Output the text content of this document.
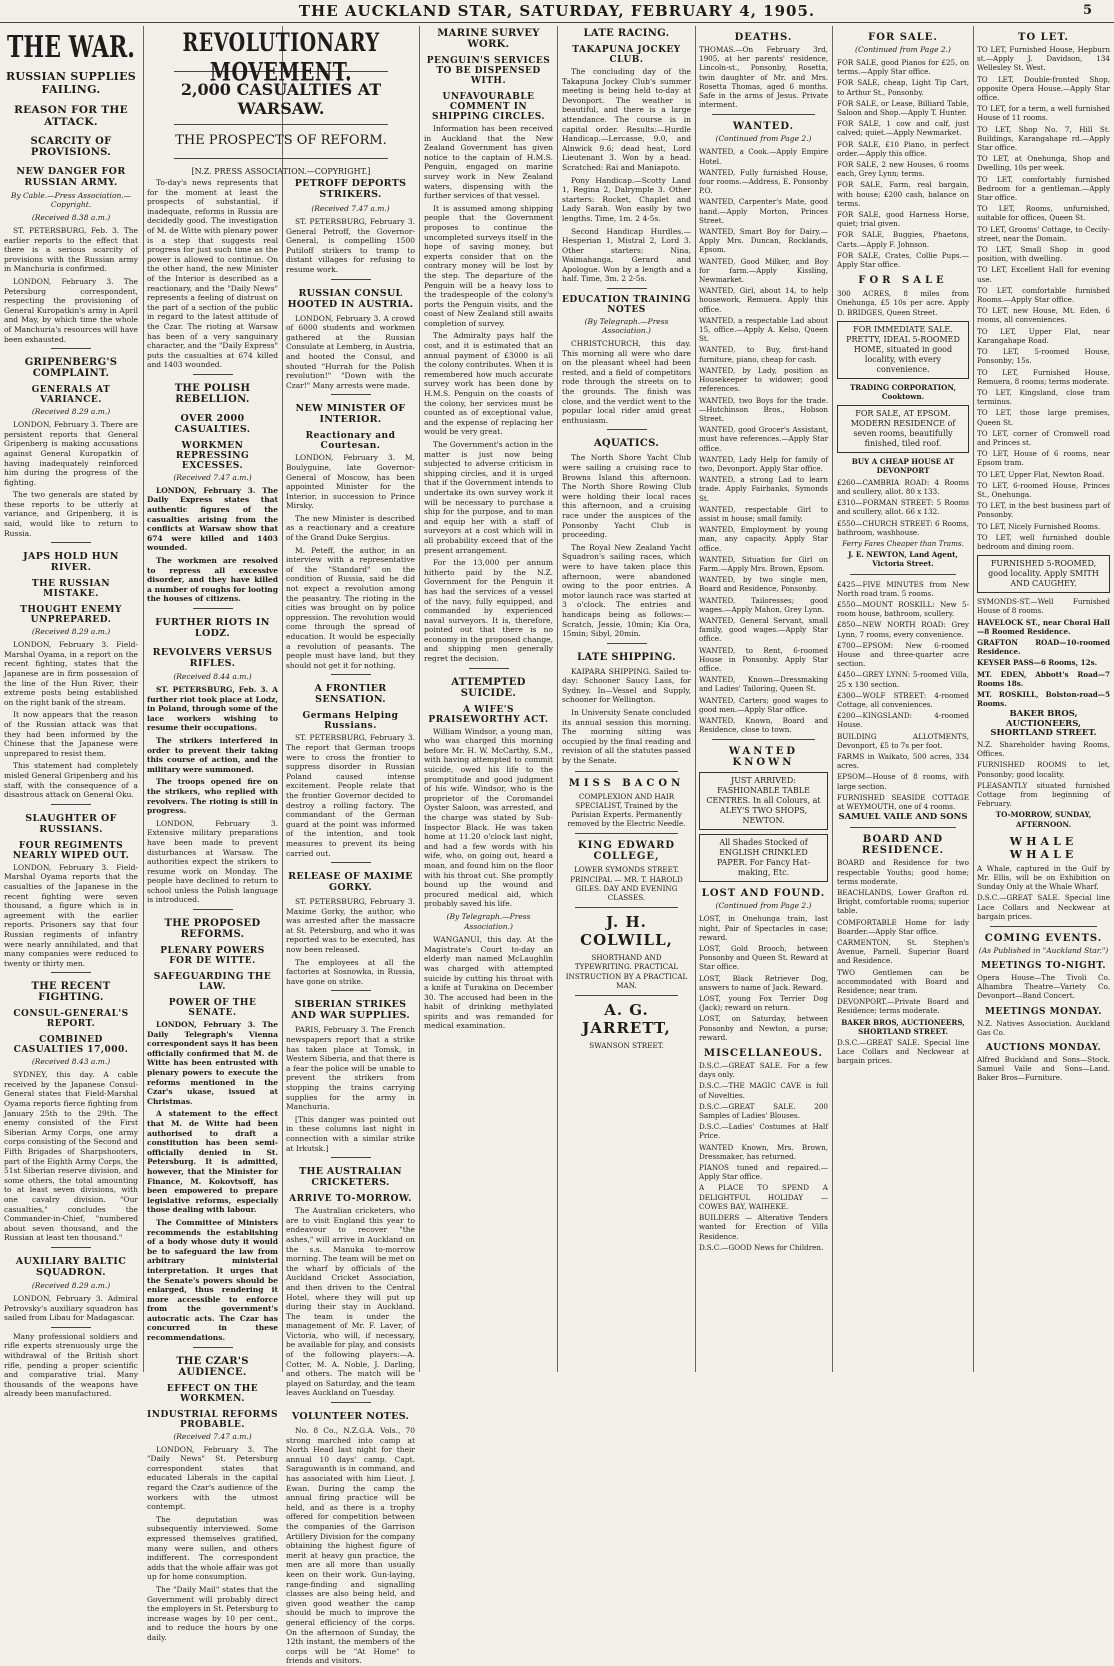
THE AUCKLAND STAR, SATURDAY, FEBRUARY 4, 1905.	5
THE WAR.
RUSSIAN SUPPLIES FAILING.
REASON FOR THE ATTACK.
SCARCITY OF PROVISIONS.
NEW DANGER FOR RUSSIAN ARMY.
By Cable.—Press Association.—Copyright.
(Received 8.38 a.m.)

ST. PETERSBURG, Feb. 3. The earlier reports to the effect that there is a serious scarcity of provisions with the Russian army in Manchuria is confirmed.

LONDON, February 3. The Petersburg correspondent, respecting the provisioning of General Kuropatkin's army in April and May, by which time the whole of Manchuria's resources will have been exhausted.

GRIPENBERG'S COMPLAINT.
GENERALS AT VARIANCE.
(Received 8.29 a.m.)

LONDON, February 3. There are persistent reports that General Gripenberg is making accusations against General Kuropatkin of having inadequately reinforced him during the progress of the fighting.

The two generals are stated by these reports to be utterly at variance, and Gripenberg, it is said, would like to return to Russia.

JAPS HOLD HUN RIVER.
THE RUSSIAN MISTAKE.
THOUGHT ENEMY UNPREPARED.
(Received 8.29 a.m.)

LONDON, February 3. Field-Marshal Oyama, in a report on the recent fighting, states that the Japanese are in firm possession of the line of the Hun River, their extreme posts being established on the right bank of the stream.

It now appears that the reason of the Russian attack was that they had been informed by the Chinese that the Japanese were unprepared to resist them.

This statement had completely misled General Gripenberg and his staff, with the consequence of a disastrous attack on General Oku.

SLAUGHTER OF RUSSIANS.
FOUR REGIMENTS NEARLY WIPED OUT.

LONDON, February 3. Field-Marshal Oyama reports that the casualties of the Japanese in the recent fighting were seven thousand, a figure which is in agreement with the earlier reports. Prisoners say that four Russian regiments of infantry were nearly annihilated, and that many companies were reduced to twenty or thirty men.

THE RECENT FIGHTING.
CONSUL-GENERAL'S REPORT.
COMBINED CASUALTIES 17,000.
(Received 8.43 a.m.)

SYDNEY, this day. A cable received by the Japanese Consul-General states that Field-Marshal Oyama reports fierce fighting from January 25th to the 29th. The enemy consisted of the First Siberian Army Corps, one army corps consisting of the Second and Fifth Brigades of Sharpshooters, part of the Eighth Army Corps, the 51st Siberian reserve division, and some others, the total amounting to at least seven divisions, with one cavalry division. "Our casualties," concludes the Commander-in-Chief, "numbered about seven thousand, and the Russian at least ten thousand."

AUXILIARY BALTIC SQUADRON.
(Received 8.29 a.m.)

LONDON, February 3. Admiral Petrovsky's auxiliary squadron has sailed from Libau for Madagascar.

Many professional soldiers and rifle experts strenuously urge the withdrawal of the British short rifle, pending a proper scientific and comparative trial. Many thousands of the weapons have already been manufactured.

REVOLUTIONARY MOVEMENT.
2,000 CASUALTIES AT WARSAW.
THE PROSPECTS OF REFORM.
[N.Z. PRESS ASSOCIATION.—COPYRIGHT.]

To-day's news represents that for the moment at least the prospects of substantial, if inadequate, reforms in Russia are decidedly good. The investigation of M. de Witte with plenary power is a step that suggests real progress for just such time as the power is allowed to continue. On the other hand, the new Minister of the Interior is described as a reactionary, and the "Daily News" represents a feeling of distrust on the part of a section of the public in regard to the latest attitude of the Czar. The rioting at Warsaw has been of a very sanguinary character, and the "Daily Express" puts the casualties at 674 killed and 1403 wounded.

THE POLISH REBELLION.
OVER 2000 CASUALTIES.
WORKMEN REPRESSING EXCESSES.
(Received 7.47 a.m.)

LONDON, February 3. The Daily Express states that authentic figures of the casualties arising from the conflicts at Warsaw show that 674 were killed and 1403 wounded.

The workmen are resolved to repress all excessive disorder, and they have killed a number of roughs for looting the houses of citizens.

FURTHER RIOTS IN LODZ.
REVOLVERS VERSUS RIFLES.
(Received 8.44 a.m.)

ST. PETERSBURG, Feb. 3. A further riot took place at Lodz, in Poland, through some of the lace workers wishing to resume their occupations.

The strikers interfered in order to prevent their taking this course of action, and the military were summoned.

The troops opened fire on the strikers, who replied with revolvers. The rioting is still in progress.

LONDON, February 3. Extensive military preparations have been made to prevent disturbances at Warsaw. The authorities expect the strikers to resume work on Monday. The people have declined to return to school unless the Polish language is introduced.

THE PROPOSED REFORMS.
PLENARY POWERS FOR DE WITTE.
SAFEGUARDING THE LAW.
POWER OF THE SENATE.

LONDON, February 3. The Daily Telegraph's Vienna correspondent says it has been officially confirmed that M. de Witte has been entrusted with plenary powers to execute the reforms mentioned in the Czar's ukase, issued at Christmas.

A statement to the effect that M. de Witte had been authorised to draft a constitution has been semi-officially denied in St. Petersburg. It is admitted, however, that the Minister for Finance, M. Kokovtsoff, has been empowered to prepare legislative reforms, especially those dealing with labour.

The Committee of Ministers recommends the establishing of a body whose duty it would be to safeguard the law from arbitrary ministerial interpretation. It urges that the Senate's powers should be enlarged, thus rendering it more accessible to enforce from the government's autocratic acts. The Czar has concurred in these recommendations.

THE CZAR'S AUDIENCE.
EFFECT ON THE WORKMEN.
INDUSTRIAL REFORMS PROBABLE.
(Received 7.47 a.m.)

LONDON, February 3. The "Daily News" St. Petersburg correspondent states that educated Liberals in the capital regard the Czar's audience of the workers with the utmost contempt.

The deputation was subsequently interviewed. Some expressed themselves gratified, many were sullen, and others indifferent. The correspondent adds that the whole affair was got up for home consumption.

The "Daily Mail" states that the Government will probably direct the employers in St. Petersburg to increase wages by 10 per cent., and to reduce the hours by one daily.

PETROFF DEPORTS STRIKERS.
(Received 7.47 a.m.)

ST. PETERSBURG, February 3. General Petroff, the Governor-General, is compelling 1500 Putiloff strikers to tramp to distant villages for refusing to resume work.

RUSSIAN CONSUL HOOTED IN AUSTRIA.

LONDON, February 3. A crowd of 6000 students and workmen gathered at the Russian Consulate at Lemberg, in Austria, and hooted the Consul, and shouted "Hurrah for the Polish revolution!" "Down with the Czar!" Many arrests were made.

NEW MINISTER OF INTERIOR.
Reactionary and Courtesan.

LONDON, February 3. M. Boulyguine, late Governor-General of Moscow, has been appointed Minister for the Interior, in succession to Prince Mirsky.

The new Minister is described as a reactionary and a creature of the Grand Duke Sergius.

M. Peteff, the author, in an interview with a representative of the "Standard" on the condition of Russia, said he did not expect a revolution among the peasantry. The rioting in the cities was brought on by police oppression. The revolution would come through the spread of education. It would be especially a revolution of peasants. The people must have land, but they should not get it for nothing.

A FRONTIER SENSATION.
Germans Helping Russians.

ST. PETERSBURG, February 3. The report that German troops were to cross the frontier to suppress disorder in Russian Poland caused intense excitement. People relate that the frontier Governor decided to destroy a rolling factory. The commandant of the German guard at the point was informed of the intention, and took measures to prevent its being carried out.

RELEASE OF MAXIME GORKY.

ST. PETERSBURG, February 3. Maxime Gorky, the author, who was arrested after the massacre at St. Petersburg, and who it was reported was to be executed, has now been released.

The employees at all the factories at Sosnowka, in Russia, have gone on strike.

SIBERIAN STRIKES AND WAR SUPPLIES.

PARIS, February 3. The French newspapers report that a strike has taken place at Tomsk, in Western Siberia, and that there is a fear the police will be unable to prevent the strikers from stopping the trains carrying supplies for the army in Manchuria.

[This danger was pointed out in these columns last night in connection with a similar strike at Irkutsk.]

THE AUSTRALIAN CRICKETERS.
ARRIVE TO-MORROW.

The Australian cricketers, who are to visit England this year to endeavour to recover "the ashes," will arrive in Auckland on the s.s. Manuka to-morrow morning. The team will be met on the wharf by officials of the Auckland Cricket Association, and then driven to the Central Hotel, where they will put up during their stay in Auckland. The team is under the management of Mr. F. Laver, of Victoria, who will, if necessary, be available for play, and consists of the following players:—A. Cotter, M. A. Noble, J. Darling, and others. The match will be played on Saturday, and the team leaves Auckland on Tuesday.

VOLUNTEER NOTES.

No. 8 Co., N.Z.G.A. Vols., 70 strong marched into camp at North Head last night for their annual 10 days' camp. Capt. Saraguwanth is in command, and has associated with him Lieut. J. Ewan. During the camp the annual firing practice will be held, and as there is a trophy offered for competition between the companies of the Garrison Artillery Division for the company obtaining the highest figure of merit at heavy gun practice, the men are all more than usually keen on their work. Gun-laying, range-finding and signalling classes are also being held, and given good weather the camp should be much to improve the general efficiency of the corps. On the afternoon of Sunday, the 12th instant, the members of the corps will be "At Home" to friends and visitors.

MARINE SURVEY WORK.
PENGUIN'S SERVICES TO BE DISPENSED WITH.
UNFAVOURABLE COMMENT IN SHIPPING CIRCLES.

Information has been received in Auckland that the New Zealand Government has given notice to the captain of H.M.S. Penguin, engaged on marine survey work in New Zealand waters, dispensing with the further services of that vessel.

It is assumed among shipping people that the Government proposes to continue the uncompleted surveys itself in the hope of saving money, but experts consider that on the contrary money will be lost by the step. The departure of the Penguin will be a heavy loss to the tradespeople of the colony's ports the Penguin visits, and the coast of New Zealand still awaits completion of survey.

The Admiralty pays half the cost, and it is estimated that an annual payment of £3000 is all the colony contributes. When it is remembered how much accurate survey work has been done by H.M.S. Penguin on the coasts of the colony, her services must be counted as of exceptional value, and the expense of replacing her would be very great.

The Government's action in the matter is just now being subjected to adverse criticism in shipping circles, and it is urged that if the Government intends to undertake its own survey work it will be necessary to purchase a ship for the purpose, and to man and equip her with a staff of surveyors at a cost which will in all probability exceed that of the present arrangement.

For the 13,000 per annum hitherto paid by the N.Z. Government for the Penguin it has had the services of a vessel of the navy, fully equipped, and commanded by experienced naval surveyors. It is, therefore, pointed out that there is no economy in the proposed change, and shipping men generally regret the decision.

ATTEMPTED SUICIDE.
A WIFE'S PRAISEWORTHY ACT.

William Windsor, a young man, who was charged this morning before Mr. H. W. McCarthy, S.M., with having attempted to commit suicide, owed his life to the promptitude and good judgment of his wife. Windsor, who is the proprietor of the Coromandel Oyster Saloon, was arrested, and the charge was stated by Sub-Inspector Black. He was taken home at 11.20 o'clock last night, and had a few words with his wife, who, on going out, heard a moan, and found him on the floor with his throat cut. She promptly bound up the wound and procured medical aid, which probably saved his life.

(By Telegraph.—Press Association.)

WANGANUI, this day. At the Magistrate's Court to-day an elderly man named McLaughlin was charged with attempted suicide by cutting his throat with a knife at Turakina on December 30. The accused had been in the habit of drinking methylated spirits and was remanded for medical examination.

LATE RACING.
TAKAPUNA JOCKEY CLUB.

The concluding day of the Takapuna Jockey Club's summer meeting is being held to-day at Devonport. The weather is beautiful, and there is a large attendance. The course is in capital order. Results:—Hurdle Handicap.—Lercasse, 9.0, and Alnwick 9.6; dead heat, Lord Lieutenant 3. Won by a head. Scratched: Rai and Maniapoto.

Pony Handicap.—Scotty Land 1, Regina 2, Dalrymple 3. Other starters: Rocket, Chaplet and Lady Sarah. Won easily by two lengths. Time, 1m. 2 4-5s.

Second Handicap Hurdles.—Hesperian 1, Mistral 2, Lord 3. Other starters: Nina, Waimahanga, Gerard and Apologue. Won by a length and a half. Time, 3m. 2 2-5s.

EDUCATION TRAINING NOTES
(By Telegraph.—Press Association.)

CHRISTCHURCH, this day. This morning all were who dare on the pleasant wheel had been rested, and a field of competitors rode through the streets on to the grounds. The finish was close, and the verdict went to the popular local rider amid great enthusiasm.

AQUATICS.

The North Shore Yacht Club were sailing a cruising race to Browns Island this afternoon. The North Shore Rowing Club were holding their local races this afternoon, and a cruising race under the auspices of the Ponsonby Yacht Club is proceeding.

The Royal New Zealand Yacht Squadron's sailing races, which were to have taken place this afternoon, were abandoned owing to the poor entries. A motor launch race was started at 3 o'clock. The entries and handicaps being as follows:—Scratch, Jessie, 10min; Kia Ora, 15min; Sibyl, 20min.

LATE SHIPPING.

KAIPARA SHIPPING. Sailed to-day: Schooner Saucy Lass, for Sydney. In—Vessel and Supply, schooner for Wellington.

In University Senate concluded its annual session this morning. The morning sitting was occupied by the final reading and revision of all the statutes passed by the Senate.

MISS BACON
COMPLEXION AND HAIR SPECIALIST, Trained by the Parisian Experts. Permanently removed by the Electric Needle.
KING EDWARD COLLEGE,
LOWER SYMONDS STREET. PRINCIPAL — MR. T. HAROLD GILES. DAY AND EVENING CLASSES.
J. H. COLWILL,
SHORTHAND AND TYPEWRITING. PRACTICAL INSTRUCTION BY A PRACTICAL MAN.
A. G. JARRETT,
SWANSON STREET.
DEATHS.
THOMAS.—On February 3rd, 1905, at her parents' residence, Lincoln-st., Ponsonby, Rosetta, twin daughter of Mr. and Mrs. Rosetta Thomas, aged 6 months. Safe in the arms of Jesus. Private interment.
WANTED.
(Continued from Page 2.)
WANTED, a Cook.—Apply Empire Hotel.
WANTED, Fully furnished House, four rooms.—Address, E. Ponsonby P.O.
WANTED, Carpenter's Mate, good hand.—Apply Morton, Princes Street.
WANTED, Smart Boy for Dairy.—Apply Mrs. Duncan, Rocklands, Epsom.
WANTED, Good Milker, and Boy for farm.—Apply Kissling, Newmarket.
WANTED, Girl, about 14, to help housework, Remuera. Apply this office.
WANTED, a respectable Lad about 15, office.—Apply A. Kelso, Queen St.
WANTED, to Buy, first-hand furniture, piano, cheap for cash.
WANTED, by Lady, position as Housekeeper to widower; good references.
WANTED, two Boys for the trade.—Hutchinson Bros., Hobson Street.
WANTED, good Grocer's Assistant, must have references.—Apply Star office.
WANTED, Lady Help for family of two, Devonport. Apply Star office.
WANTED, a strong Lad to learn trade. Apply Fairbanks, Symonds St.
WANTED, respectable Girl to assist in house; small family.
WANTED, Employment by young man, any capacity. Apply Star office.
WANTED, Situation for Girl on Farm.—Apply Mrs. Brown, Epsom.
WANTED, by two single men, Board and Residence, Ponsonby.
WANTED, Tailoresses; good wages.—Apply Mahon, Grey Lynn.
WANTED, General Servant, small family, good wages.—Apply Star office.
WANTED, to Rent, 6-roomed House in Ponsonby. Apply Star office.
WANTED, Known—Dressmaking and Ladies' Tailoring, Queen St.
WANTED, Carters; good wages to good men.—Apply Star office.
WANTED, Known, Board and Residence, close to town.
WANTED KNOWN
JUST ARRIVED: FASHIONABLE TABLE CENTRES. In all Colours, at ALEY'S TWO SHOPS, NEWTON.
All Shades Stocked of ENGLISH CRINKLED PAPER. For Fancy Hat-making, Etc.
LOST AND FOUND.
(Continued from Page 2.)
LOST, in Onehunga train, last night, Pair of Spectacles in case; reward.
LOST, Gold Brooch, between Ponsonby and Queen St. Reward at Star office.
LOST, Black Retriever Dog, answers to name of Jack. Reward.
LOST, young Fox Terrier Dog (Jack); reward on return.
LOST, on Saturday, between Ponsonby and Newton, a purse; reward.
MISCELLANEOUS.
D.S.C.—GREAT SALE. For a few days only.
D.S.C.—THE MAGIC CAVE is full of Novelties.
D.S.C.—GREAT SALE. 200 Samples of Ladies' Blouses.
D.S.C.—Ladies' Costumes at Half Price.
WANTED Known, Mrs. Brown, Dressmaker, has returned.
PIANOS tuned and repaired.—Apply Star office.
A PLACE TO SPEND A DELIGHTFUL HOLIDAY — COWES BAY, WAIHEKE.
BUILDERS — Alterative Tenders wanted for Erection of Villa Residence.
D.S.C.—GOOD News for Children.
FOR SALE.
(Continued from Page 2.)
FOR SALE, good Pianos for £25, on terms.—Apply Star office.
FOR SALE, cheap, Light Tip Cart, to Arthur St., Ponsonby.
FOR SALE, or Lease, Billiard Table, Saloon and Shop.—Apply T. Hunter.
FOR SALE, 1 cow and calf, just calved; quiet.—Apply Newmarket.
FOR SALE, £10 Piano, in perfect order.—Apply this office.
FOR SALE, 2 new Houses, 6 rooms each, Grey Lynn; terms.
FOR SALE, Farm, real bargain, with house; £200 cash, balance on terms.
FOR SALE, good Harness Horse, quiet; trial given.
FOR SALE, Buggies, Phaetons, Carts.—Apply F. Johnson.
FOR SALE, Crates, Collie Pups.—Apply Star office.
FOR SALE
300 ACRES, 8 miles from Onehunga, £5 10s per acre. Apply D. BRIDGES, Queen Street.
FOR IMMEDIATE SALE. PRETTY, IDEAL 5-ROOMED HOME, situated in good locality, with every convenience.
TRADING CORPORATION, Cooktown.
FOR SALE, AT EPSOM. MODERN RESIDENCE of seven rooms, beautifully finished, tiled roof.
BUY A CHEAP HOUSE AT DEVONPORT
£260—CAMBRIA ROAD: 4 Rooms and scullery, allot. 80 x 133.
£310—FORMAN STREET: 5 Rooms and scullery, allot. 66 x 132.
£550—CHURCH STREET: 6 Rooms, bathroom, washhouse.
Ferry Fares Cheaper than Trams.
J. E. NEWTON, Land Agent, Victoria Street.
£425—FIVE MINUTES from New North road tram. 5 rooms.
£550—MOUNT ROSKILL: New 5-room house, bathroom, scullery.
£850—NEW NORTH ROAD: Grey Lynn, 7 rooms, every convenience.
£700—EPSOM: New 6-roomed House and three-quarter acre section.
£450—GREY LYNN: 5-roomed Villa, 25 x 130 section.
£300—WOLF STREET: 4-roomed Cottage, all conveniences.
£200—KINGSLAND: 4-roomed House.
BUILDING ALLOTMENTS, Devonport, £5 to 7s per foot.
FARMS in Waikato, 500 acres, 334 acres.
EPSOM—House of 8 rooms, with large section.
FURNISHED SEASIDE COTTAGE at WEYMOUTH, one of 4 rooms.
SAMUEL VAILE AND SONS
BOARD AND RESIDENCE.
BOARD and Residence for two respectable Youths; good home; terms moderate.
BEACHLANDS, Lower Grafton rd. Bright, comfortable rooms; superior table.
COMFORTABLE Home for lady Boarder.—Apply Star office.
CARMENTON, St. Stephen's Avenue, Parnell. Superior Board and Residence.
TWO Gentlemen can be accommodated with Board and Residence; near tram.
DEVONPORT.—Private Board and Residence; terms moderate.
BAKER BROS, AUCTIONEERS, SHORTLAND STREET.
D.S.C.—GREAT SALE. Special line Lace Collars and Neckwear at bargain prices.
TO LET.
TO LET, Furnished House, Hepburn st.—Apply J. Davidson, 134 Wellesley St. West.
TO LET, Double-fronted Shop, opposite Opera House.—Apply Star office.
TO LET, for a term, a well furnished House of 11 rooms.
TO LET, Shop No. 7, Hill St. Buildings, Karangahape rd.—Apply Star office.
TO LET, at Onehunga, Shop and Dwelling, 10s per week.
TO LET, comfortably furnished Bedroom for a gentleman.—Apply Star office.
TO LET, Rooms, unfurnished, suitable for offices, Queen St.
TO LET, Grooms' Cottage, to Cecily-street, near the Domain.
TO LET, Small Shop in good position, with dwelling.
TO LET, Excellent Hall for evening use.
TO LET, comfortable furnished Rooms.—Apply Star office.
TO LET, new House, Mt. Eden, 6 rooms, all conveniences.
TO LET, Upper Flat, near Karangahape Road.
TO LET, 5-roomed House, Ponsonby; 15s.
TO LET, Furnished House, Remuera, 8 rooms; terms moderate.
TO LET, Kingsland, close tram terminus.
TO LET, those large premises, Queen St.
TO LET, corner of Cromwell road and Princes st.
TO LET, House of 6 rooms, near Epsom tram.
TO LET, Upper Flat, Newton Road.
TO LET, 6-roomed House, Princes St., Onehunga.
TO LET, in the best business part of Ponsonby.
TO LET, Nicely Furnished Rooms.
TO LET, well furnished double bedroom and dining room.
FURNISHED 5-ROOMED, good locality. Apply SMITH AND CAUGHEY.
SYMONDS-ST.—Well Furnished House of 8 rooms.
HAVELOCK ST., near Choral Hall—8 Roomed Residence.
GRAFTON ROAD—10-roomed Residence.
KEYSER PASS—6 Rooms, 12s.
MT. EDEN, Abbott's Road—7 Rooms 18s.
MT. ROSKILL, Bolston-road—5 Rooms.
BAKER BROS, AUCTIONEERS, SHORTLAND STREET.
N.Z. Shareholder having Rooms, Offices.
FURNISHED ROOMS to let, Ponsonby; good locality.
PLEASANTLY situated furnished Cottage from beginning of February.
TO-MORROW, SUNDAY, AFTERNOON.
WHALE WHALE
A Whale, captured in the Gulf by Mr. Ellis, will be on Exhibition on Sunday Only at the Whale Wharf.
D.S.C.—GREAT SALE. Special line Lace Collars and Neckwear at bargain prices.
COMING EVENTS.
(As Published in "Auckland Star.")
MEETINGS TO-NIGHT.
Opera House—The Tivoli Co. Alhambra Theatre—Variety Co. Devonport—Band Concert.
MEETINGS MONDAY.
N.Z. Natives Association. Auckland Gas Co.
AUCTIONS MONDAY.
Alfred Buckland and Sons—Stock. Samuel Vaile and Sons—Land. Baker Bros—Furniture.
